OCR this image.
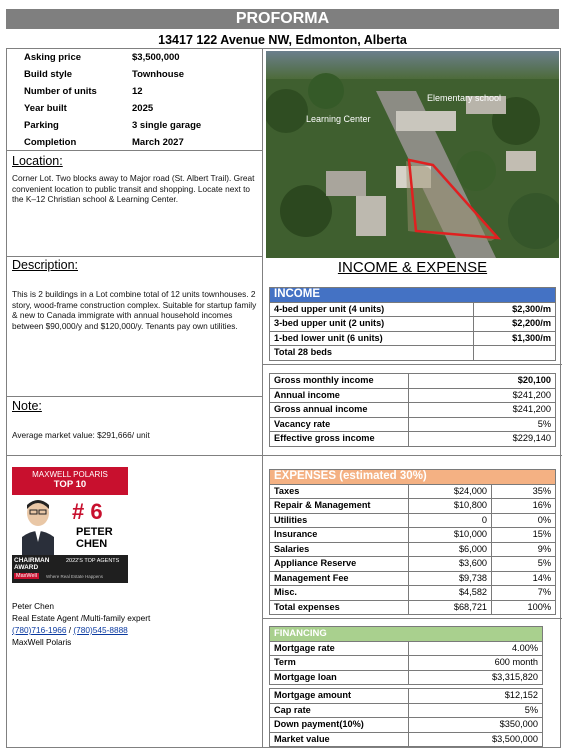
PROFORMA
13417 122 Avenue NW, Edmonton, Alberta
Asking price	$3,500,000
Build style	Townhouse
Number of units	12
Year built	2025
Parking	3 single garage
Completion	March 2027
Location:
Corner Lot. Two blocks away to Major road (St. Albert Trail). Great convenient location to public transit and shopping. Locate next to the K–12 Christian school & Learning Center.
Description:
This is 2 buildings in a Lot combine total of 12 units townhouses. 2 story, wood-frame construction complex. Suitable for startup family & new to Canada immigrate with annual household incomes between $90,000/y and $120,000/y. Tenants pay own utilities.
Note:
Average market value: $291,666/ unit
Elementary school
Learning Center
INCOME & EXPENSE
INCOME	
4-bed upper unit (4 units)	$2,300/m
3-bed upper unit (2 units)	$2,200/m
1-bed lower unit (6 units)	$1,300/m
Total 28 beds	
Gross monthly income	$20,100
Annual income	$241,200
Gross annual income	$241,200
Vacancy rate	5%
Effective gross income	$229,140
EXPENSES (estimated 30%)		
Taxes	$24,000	35%
Repair & Management	$10,800	16%
Utilities	0	0%
Insurance	$10,000	15%
Salaries	$6,000	9%
Appliance Reserve	$3,600	5%
Management Fee	$9,738	14%
Misc.	$4,582	7%
Total expenses	$68,721	100%
FINANCING	
Mortgage rate	4.00%
Term	600 month
Mortgage loan	$3,315,820
Mortgage amount	$12,152
Cap rate	5%
Down payment(10%)	$350,000
Market value	$3,500,000
MAXWELL POLARIS
TOP 10
# 6
PETER
CHEN
CHAIRMAN AWARD
2022'S TOP AGENTS
MaxWell	Where Real Estate Happens
Peter Chen
Real Estate Agent /Multi-family expert
(780)716-1966 / (780)545-8888
MaxWell Polaris
